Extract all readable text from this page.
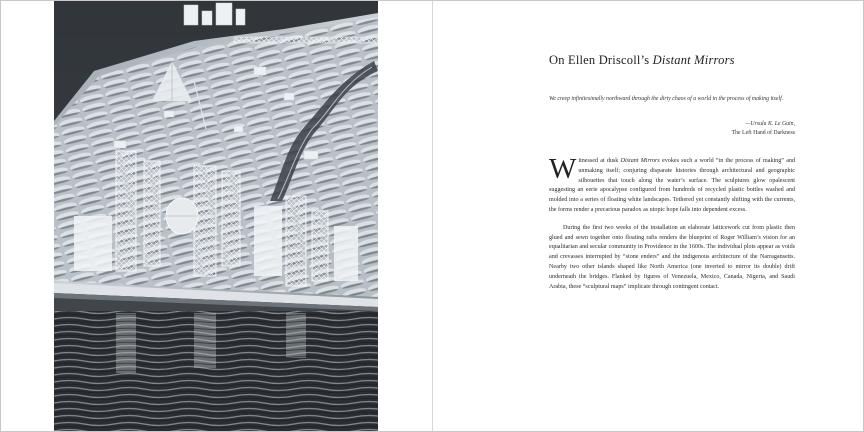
On Ellen Driscoll’s Distant Mirrors
We creep infinitesimally northward through the dirty chaos of a world in the process of making itself.
—Ursula K. Le Guin,
The Left Hand of Darkness

Witnessed at dusk Distant Mirrors evokes such a world “in the process of making” and unmaking itself; conjuring disparate histories through architectural and geographic silhouettes that touch along the water’s surface. The sculptures glow opalescent suggesting an eerie apocalypse configured from hundreds of recycled plastic bottles washed and molded into a series of floating white landscapes. Tethered yet constantly shifting with the currents, the forms render a precarious paradox as utopic hope falls into dependent excess.

During the first two weeks of the installation an elaborate latticework cut from plastic then glued and sewn together onto floating rafts renders the blueprint of Roger William’s vision for an equalitarian and secular community in Providence in the 1600s. The individual plots appear as voids and crevasses interrupted by “stone enders” and the indigenous architecture of the Narragansetts. Nearby two other islands shaped like North America (one inverted to mirror its double) drift underneath the bridges. Flanked by figures of Venezuela, Mexico, Canada, Nigeria, and Saudi Arabia, these “sculptural maps” implicate through contingent contact.
